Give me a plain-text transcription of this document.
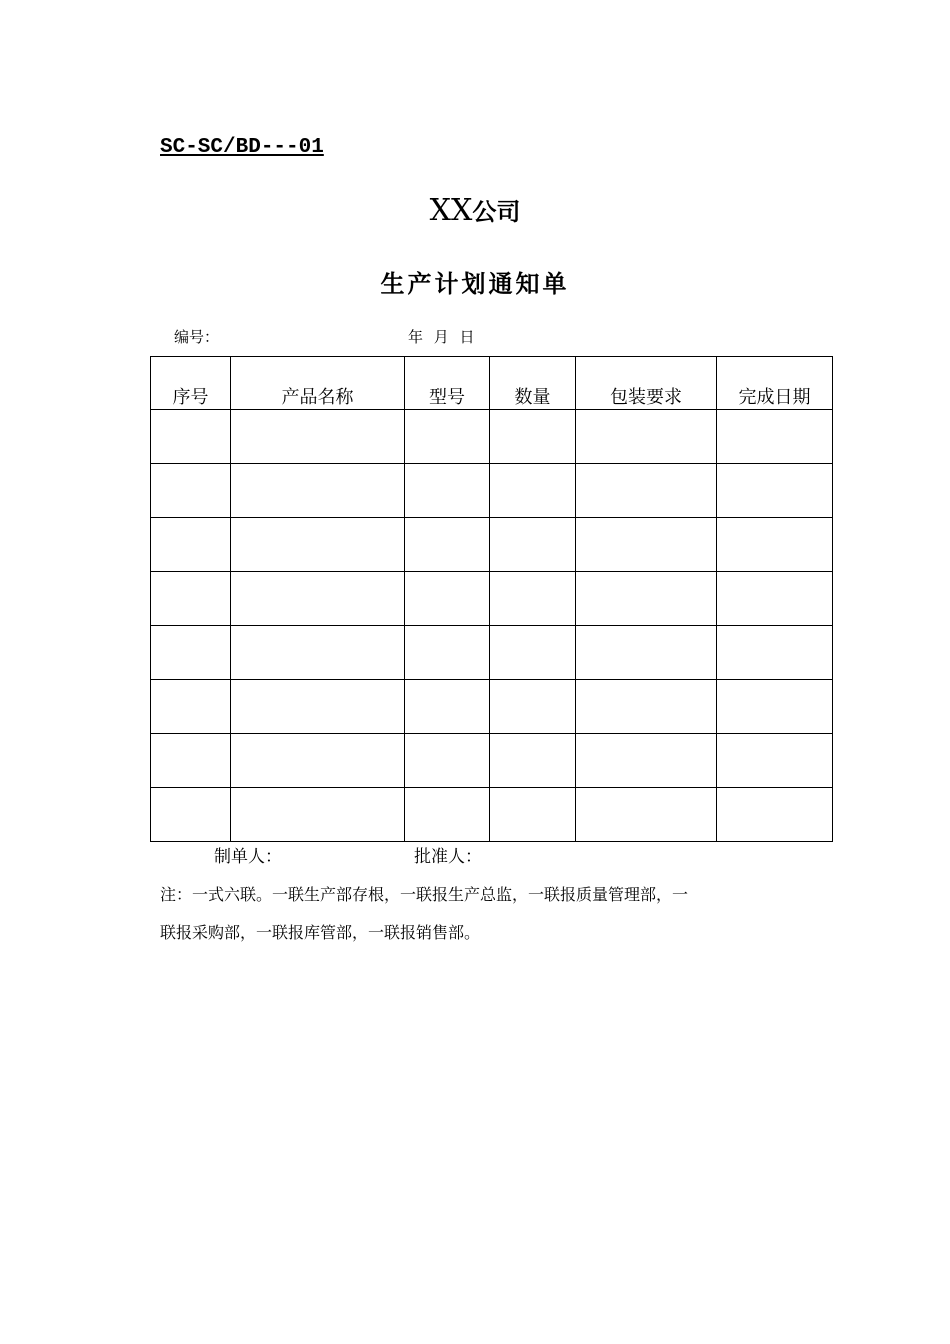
SC-SC/BD---01
XX公司
生产计划通知单
编号：	年 月 日
序号	产品名称	型号	数量	包装要求	完成日期

制单人：	批准人：
注：一式六联。一联生产部存根，一联报生产总监，一联报质量管理部，一
联报采购部，一联报库管部，一联报销售部。
